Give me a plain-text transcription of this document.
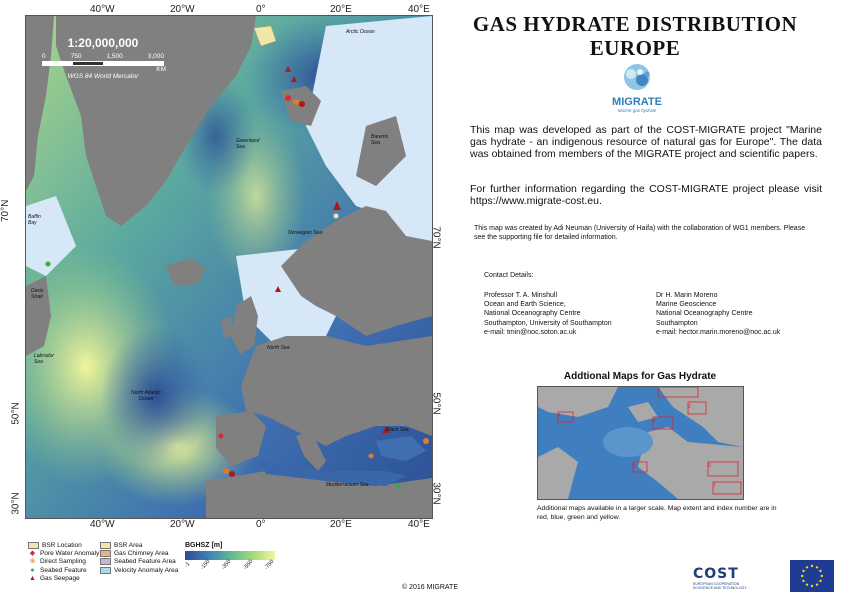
Arctic Ocean
Greenland Sea
Barents Sea
Baffin Bay
Davis Strait
Norwegian Sea
Labrador Sea
North Sea
North Atlantic Ocean
Black Sea
Mediterranean Sea
1:20,000,000
0	750	1,500	3,000
KM
WGS 84 World Mercator
40°W	20°W	0°	20°E	40°E
40°W	20°W	0°	20°E	40°E
70°N
50°N
30°N
70°N
50°N
30°N
BSR Location
◆ Pore Water Anomaly
⊕ Direct Sampling
● Seabed Feature
▲ Gas Seepage
BSR Area
Gas Chimney Area
Seabed Feature Area
Velocity Anomaly Area
BGHSZ [m]
-1 -150 -350 -550 -750
© 2016 MIGRATE
GAS HYDRATE DISTRIBUTION
EUROPE
MIGRATE
Marine gas hydrate
This map was developed as part of the COST-MIGRATE project "Marine gas hydrate - an indigenous resource of natural gas for Europe". The data was obtained from members of the MIGRATE project and scientific papers.
For further information regarding the COST-MIGRATE project please visit https://www.migrate-cost.eu.
This map was created by Adi Neuman (University of Haifa) with the collaboration of WG1 members. Please see the supporting file for detailed information.
Contact Details:
Professor T. A. Minshull
Ocean and Earth Science,
National Oceanography Centre
Southampton, University of Southampton
e-mail: tmin@noc.soton.ac.uk
Dr H. Marin Moreno
Marine Geoscience
National Oceanography Centre
Southampton
e-mail: hector.marin.moreno@noc.ac.uk
Addtional Maps for Gas Hydrate
1
2
3
4
5	6
7
Additional maps available in a larger scale. Map extent and index number are in red, blue, green and yellow.
COST
EUROPEAN COOPERATION
IN SCIENCE AND TECHNOLOGY
